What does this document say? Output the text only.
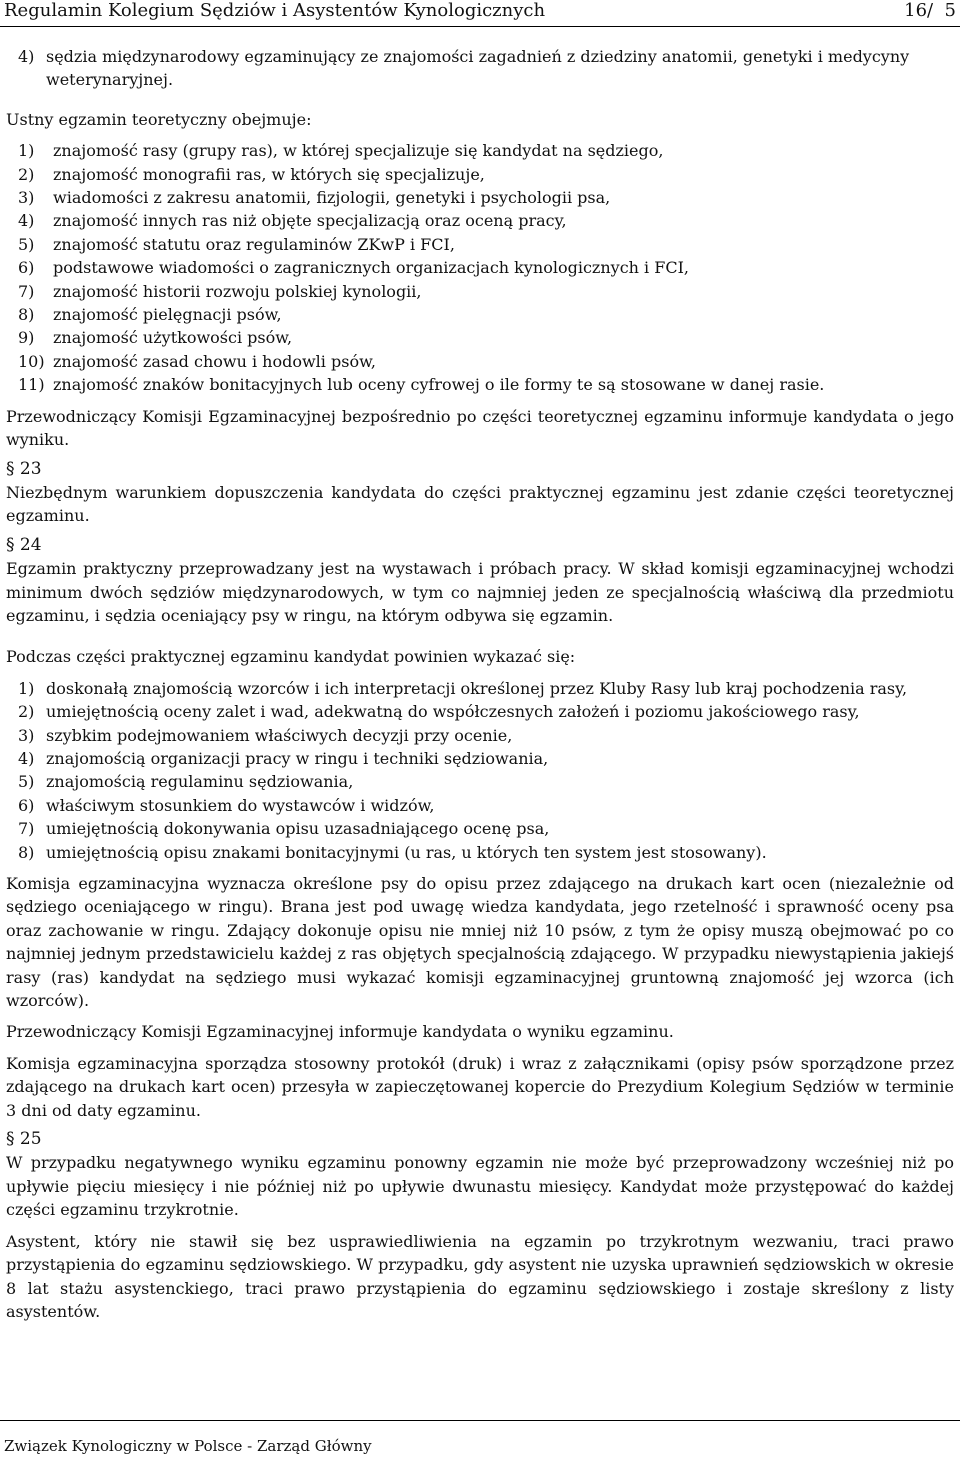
Regulamin Kolegium Sędziów i Asystentów Kynologicznych	16/  5
4) sędzia międzynarodowy egzaminujący ze znajomości zagadnień z dziedziny anatomii, genetyki i medycyny weterynaryjnej.

Ustny egzamin teoretyczny obejmuje:

1) znajomość rasy (grupy ras), w której specjalizuje się kandydat na sędziego,
2) znajomość monografii ras, w których się specjalizuje,
3) wiadomości z zakresu anatomii, fizjologii, genetyki i psychologii psa,
4) znajomość innych ras niż objęte specjalizacją oraz oceną pracy,
5) znajomość statutu oraz regulaminów ZKwP i FCI,
6) podstawowe wiadomości o zagranicznych organizacjach kynologicznych i FCI,
7) znajomość historii rozwoju polskiej kynologii,
8) znajomość pielęgnacji psów,
9) znajomość użytkowości psów,
10) znajomość zasad chowu i hodowli psów,
11) znajomość znaków bonitacyjnych lub oceny cyfrowej o ile formy te są stosowane w danej rasie.

Przewodniczący Komisji Egzaminacyjnej bezpośrednio po części teoretycznej egzaminu informuje kandydata o jego wyniku.

§ 23

Niezbędnym warunkiem dopuszczenia kandydata do części praktycznej egzaminu jest zdanie części teoretycznej egzaminu.

§ 24

Egzamin praktyczny przeprowadzany jest na wystawach i próbach pracy. W skład komisji egzaminacyjnej wchodzi minimum dwóch sędziów międzynarodowych, w tym co najmniej jeden ze specjalnością właściwą dla przedmiotu egzaminu, i sędzia oceniający psy w ringu, na którym odbywa się egzamin.

Podczas części praktycznej egzaminu kandydat powinien wykazać się:

1) doskonałą znajomością wzorców i ich interpretacji określonej przez Kluby Rasy lub kraj pochodzenia rasy,
2) umiejętnością oceny zalet i wad, adekwatną do współczesnych założeń i poziomu jakościowego rasy,
3) szybkim podejmowaniem właściwych decyzji przy ocenie,
4) znajomością organizacji pracy w ringu i techniki sędziowania,
5) znajomością regulaminu sędziowania,
6) właściwym stosunkiem do wystawców i widzów,
7) umiejętnością dokonywania opisu uzasadniającego ocenę psa,
8) umiejętnością opisu znakami bonitacyjnymi (u ras, u których ten system jest stosowany).

Komisja egzaminacyjna wyznacza określone psy do opisu przez zdającego na drukach kart ocen (niezależnie od sędziego oceniającego w ringu). Brana jest pod uwagę wiedza kandydata, jego rzetelność i sprawność oceny psa oraz zachowanie w ringu. Zdający dokonuje opisu nie mniej niż 10 psów, z tym że opisy muszą obejmować po co najmniej jednym przedstawicielu każdej z ras objętych specjalnością zdającego. W przypadku niewystąpienia jakiejś rasy (ras) kandydat na sędziego musi wykazać komisji egzaminacyjnej gruntowną znajomość jej wzorca (ich wzorców).

Przewodniczący Komisji Egzaminacyjnej informuje kandydata o wyniku egzaminu.

Komisja egzaminacyjna sporządza stosowny protokół (druk) i wraz z załącznikami (opisy psów sporządzone przez zdającego na drukach kart ocen) przesyła w zapieczętowanej kopercie do Prezydium Kolegium Sędziów w terminie 3 dni od daty egzaminu.

§ 25

W przypadku negatywnego wyniku egzaminu ponowny egzamin nie może być przeprowadzony wcześniej niż po upływie pięciu miesięcy i nie później niż po upływie dwunastu miesięcy. Kandydat może przystępować do każdej części egzaminu trzykrotnie.

Asystent, który nie stawił się bez usprawiedliwienia na egzamin po trzykrotnym wezwaniu, traci prawo przystąpienia do egzaminu sędziowskiego. W przypadku, gdy asystent nie uzyska uprawnień sędziowskich w okresie 8 lat stażu asystenckiego, traci prawo przystąpienia do egzaminu sędziowskiego i zostaje skreślony z listy asystentów.

Związek Kynologiczny w Polsce - Zarząd Główny
